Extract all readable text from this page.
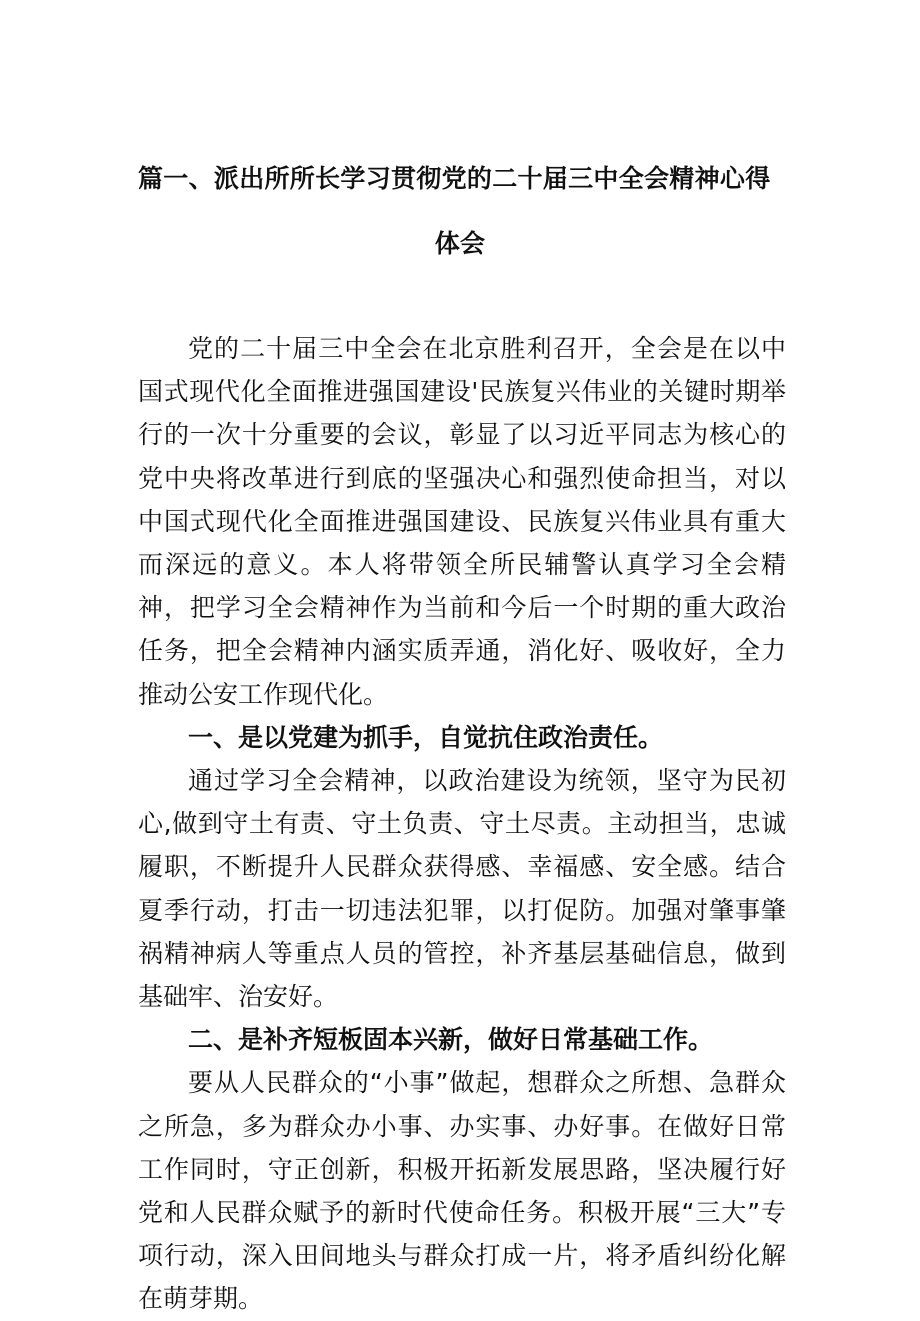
篇一、派出所所长学习贯彻党的二十届三中全会精神心得
体会

党的二十届三中全会在北京胜利召开，全会是在以中国式现代化全面推进强国建设'民族复兴伟业的关键时期举行的一次十分重要的会议，彰显了以习近平同志为核心的党中央将改革进行到底的坚强决心和强烈使命担当，对以中国式现代化全面推进强国建设、民族复兴伟业具有重大而深远的意义。本人将带领全所民辅警认真学习全会精神，把学习全会精神作为当前和今后一个时期的重大政治任务，把全会精神内涵实质弄通，消化好、吸收好，全力推动公安工作现代化。

一、是以党建为抓手，自觉抗住政治责任。

通过学习全会精神，以政治建设为统领，坚守为民初心,做到守土有责、守土负责、守土尽责。主动担当，忠诚履职，不断提升人民群众获得感、幸福感、安全感。结合夏季行动，打击一切违法犯罪，以打促防。加强对肇事肇祸精神病人等重点人员的管控，补齐基层基础信息，做到基础牢、治安好。

二、是补齐短板固本兴新，做好日常基础工作。

要从人民群众的“小事”做起，想群众之所想、急群众之所急，多为群众办小事、办实事、办好事。在做好日常工作同时，守正创新，积极开拓新发展思路，坚决履行好党和人民群众赋予的新时代使命任务。积极开展“三大”专项行动，深入田间地头与群众打成一片，将矛盾纠纷化解在萌芽期。
